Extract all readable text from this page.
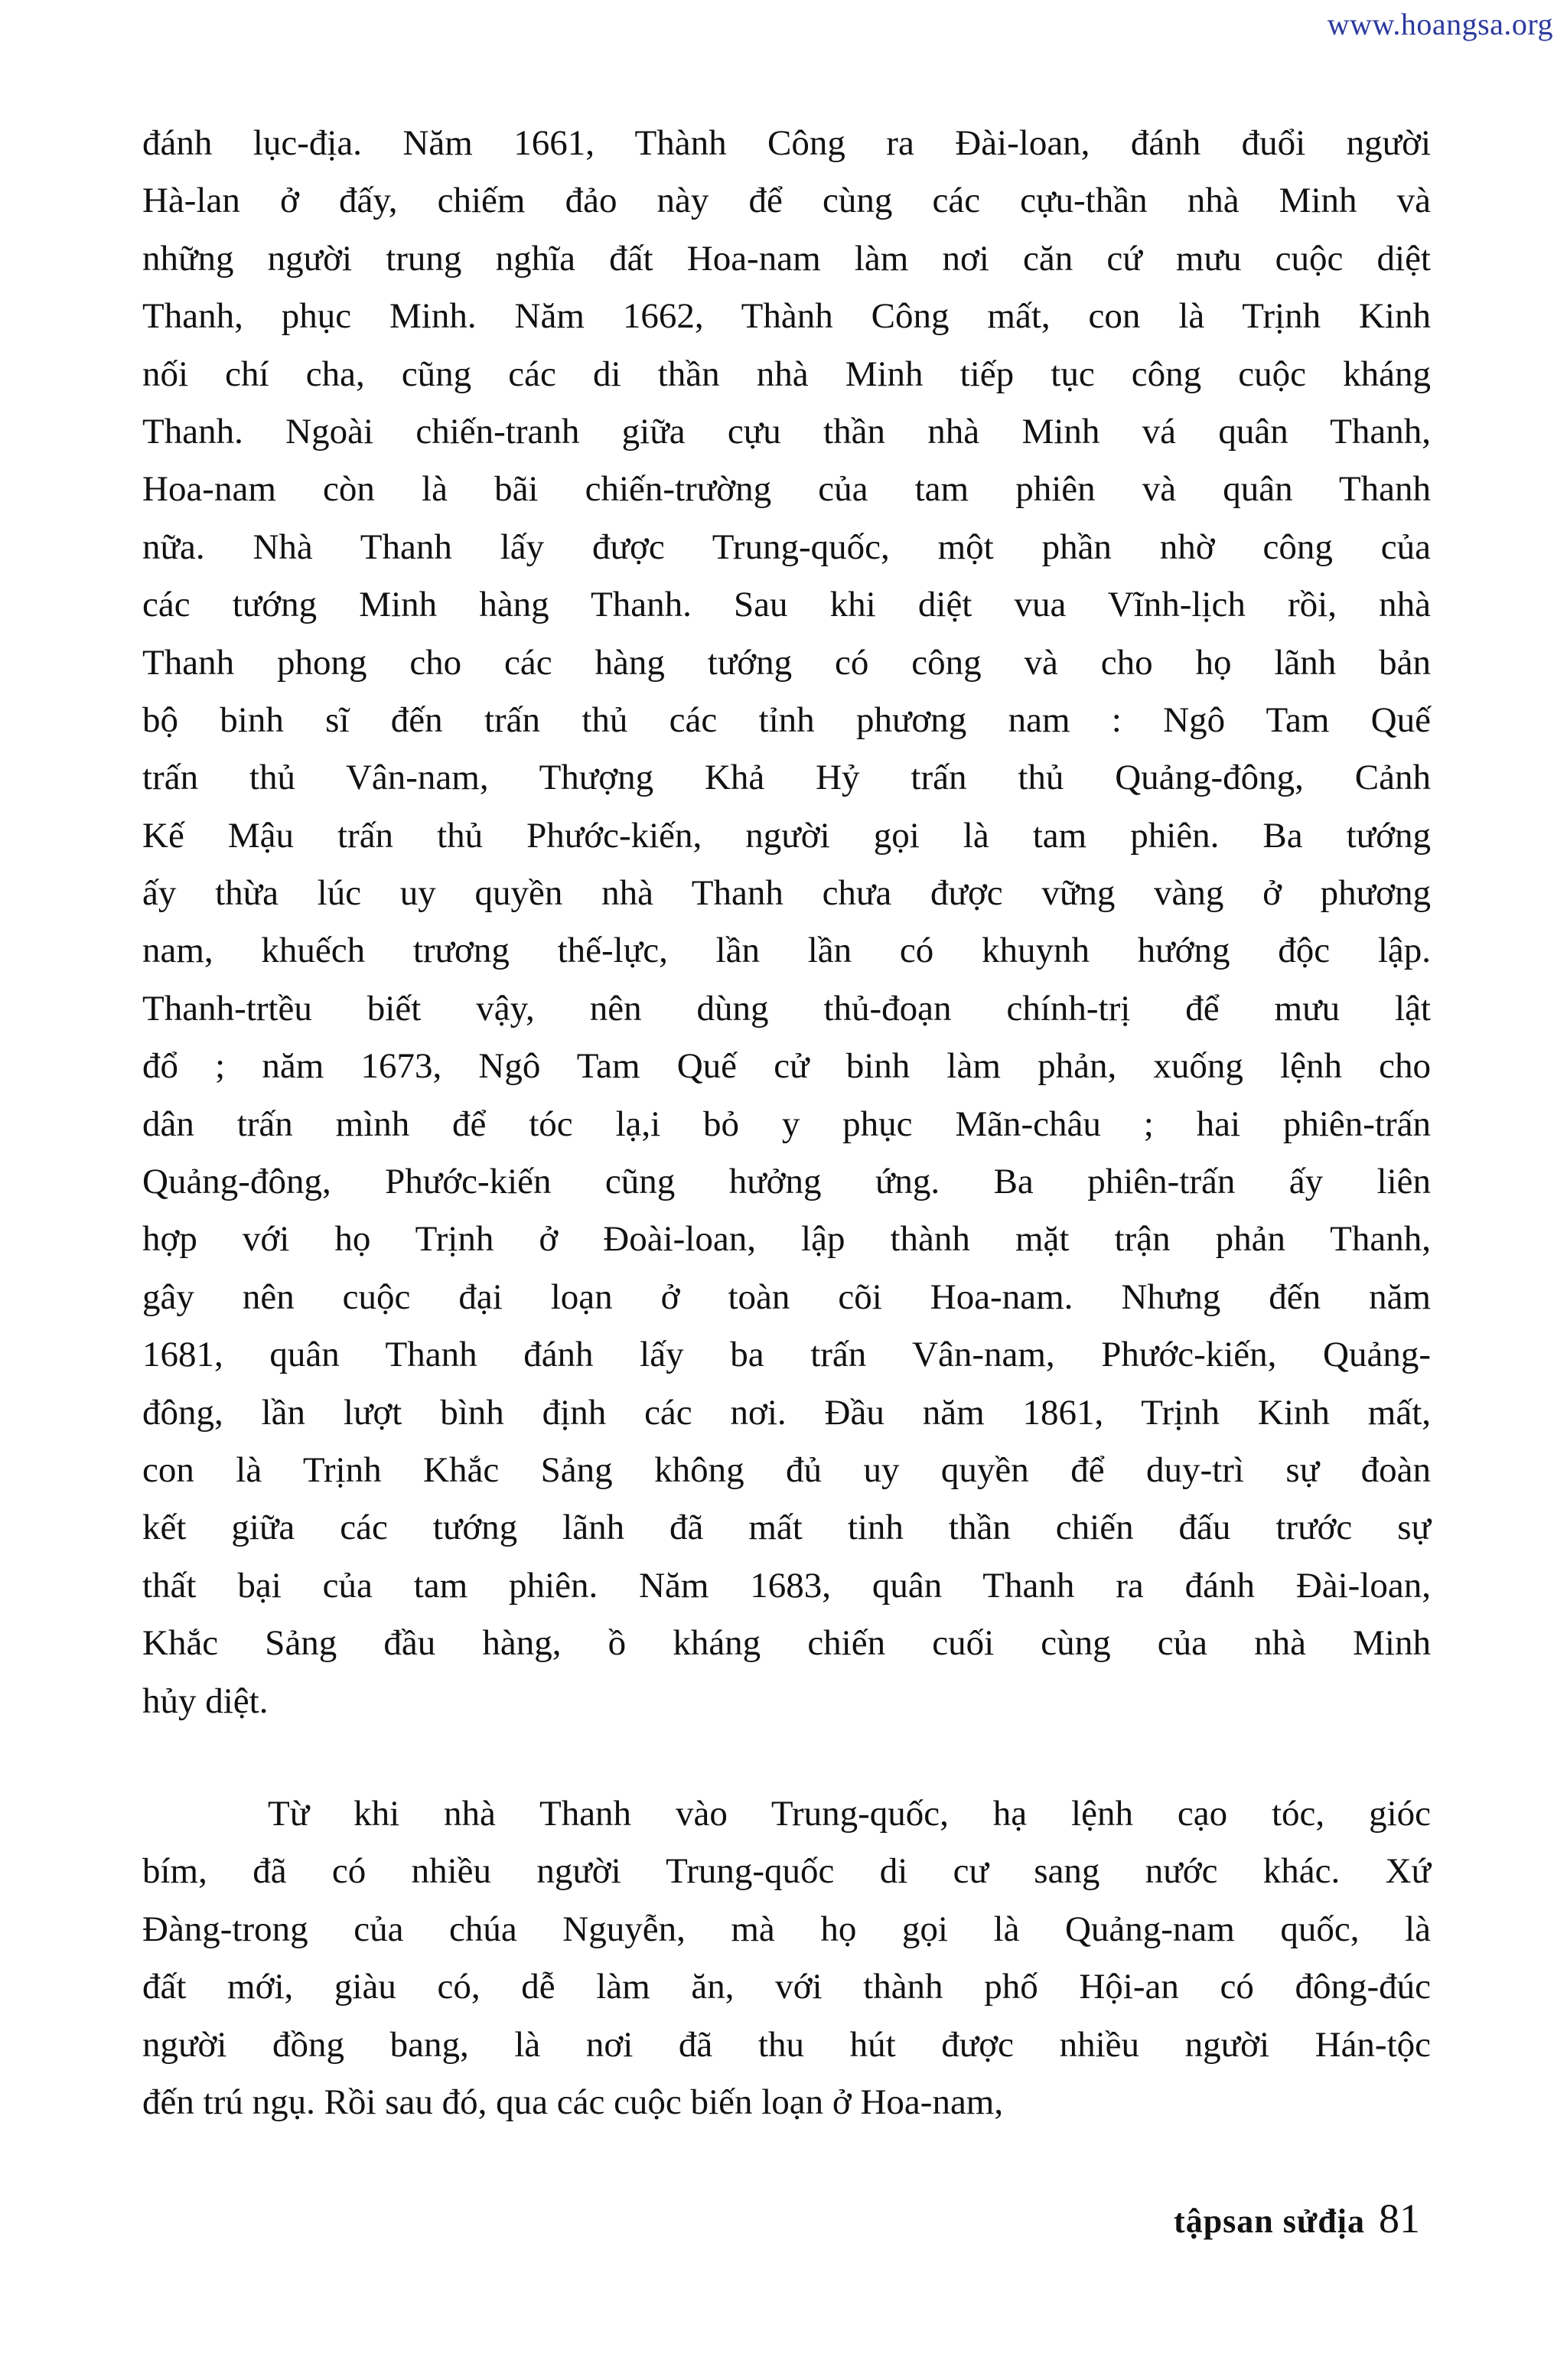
www.hoangsa.org
đánh lục-địa. Năm 1661, Thành Công ra Đài-loan, đánh đuổi người
Hà-lan ở đấy, chiếm đảo này để cùng các cựu-thần nhà Minh và
những người trung nghĩa đất Hoa-nam làm nơi căn cứ mưu cuộc diệt
Thanh, phục Minh. Năm 1662, Thành Công mất, con là Trịnh Kinh
nối chí cha, cũng các di thần nhà Minh tiếp tục công cuộc kháng
Thanh. Ngoài chiến-tranh giữa cựu thần nhà Minh vá quân Thanh,
Hoa-nam còn là bãi chiến-trường của tam phiên và quân Thanh
nữa. Nhà Thanh lấy được Trung-quốc, một phần nhờ công của
các tướng Minh hàng Thanh. Sau khi diệt vua Vĩnh-lịch rồi, nhà
Thanh phong cho các hàng tướng có công và cho họ lãnh bản
bộ binh sĩ đến trấn thủ các tỉnh phương nam : Ngô Tam Quế
trấn thủ Vân-nam, Thượng Khả Hỷ trấn thủ Quảng-đông, Cảnh
Kế Mậu trấn thủ Phước-kiến, người gọi là tam phiên. Ba tướng
ấy thừa lúc uy quyền nhà Thanh chưa được vững vàng ở phương
nam, khuếch trương thế-lực, lần lần có khuynh hướng độc lập.
Thanh-trtều biết vậy, nên dùng thủ-đoạn chính-trị để mưu lật
đổ ; năm 1673, Ngô Tam Quế cử binh làm phản, xuống lệnh cho
dân trấn mình để tóc lạ,i bỏ y phục Mãn-châu ; hai phiên-trấn
Quảng-đông, Phước-kiến cũng hưởng ứng. Ba phiên-trấn ấy liên
hợp với họ Trịnh ở Đoài-loan, lập thành mặt trận phản Thanh,
gây nên cuộc đại loạn ở toàn cõi Hoa-nam. Nhưng đến năm
1681, quân Thanh đánh lấy ba trấn Vân-nam, Phước-kiến, Quảng-
đông, lần lượt bình định các nơi. Đầu năm 1861, Trịnh Kinh mất,
con là Trịnh Khắc Sảng không đủ uy quyền để duy-trì sự đoàn
kết giữa các tướng lãnh đã mất tinh thần chiến đấu trước sự
thất bại của tam phiên. Năm 1683, quân Thanh ra đánh Đài-loan,
Khắc Sảng đầu hàng, ồ kháng chiến cuối cùng của nhà Minh
hủy diệt.
Từ khi nhà Thanh vào Trung-quốc, hạ lệnh cạo tóc, gióc
bím, đã có nhiều người Trung-quốc di cư sang nước khác. Xứ
Đàng-trong của chúa Nguyễn, mà họ gọi là Quảng-nam quốc, là
đất mới, giàu có, dễ làm ăn, với thành phố Hội-an có đông-đúc
người đồng bang, là nơi đã thu hút được nhiều người Hán-tộc
đến trú ngụ. Rồi sau đó, qua các cuộc biến loạn ở Hoa-nam,
tậpsan sửđịa 81
